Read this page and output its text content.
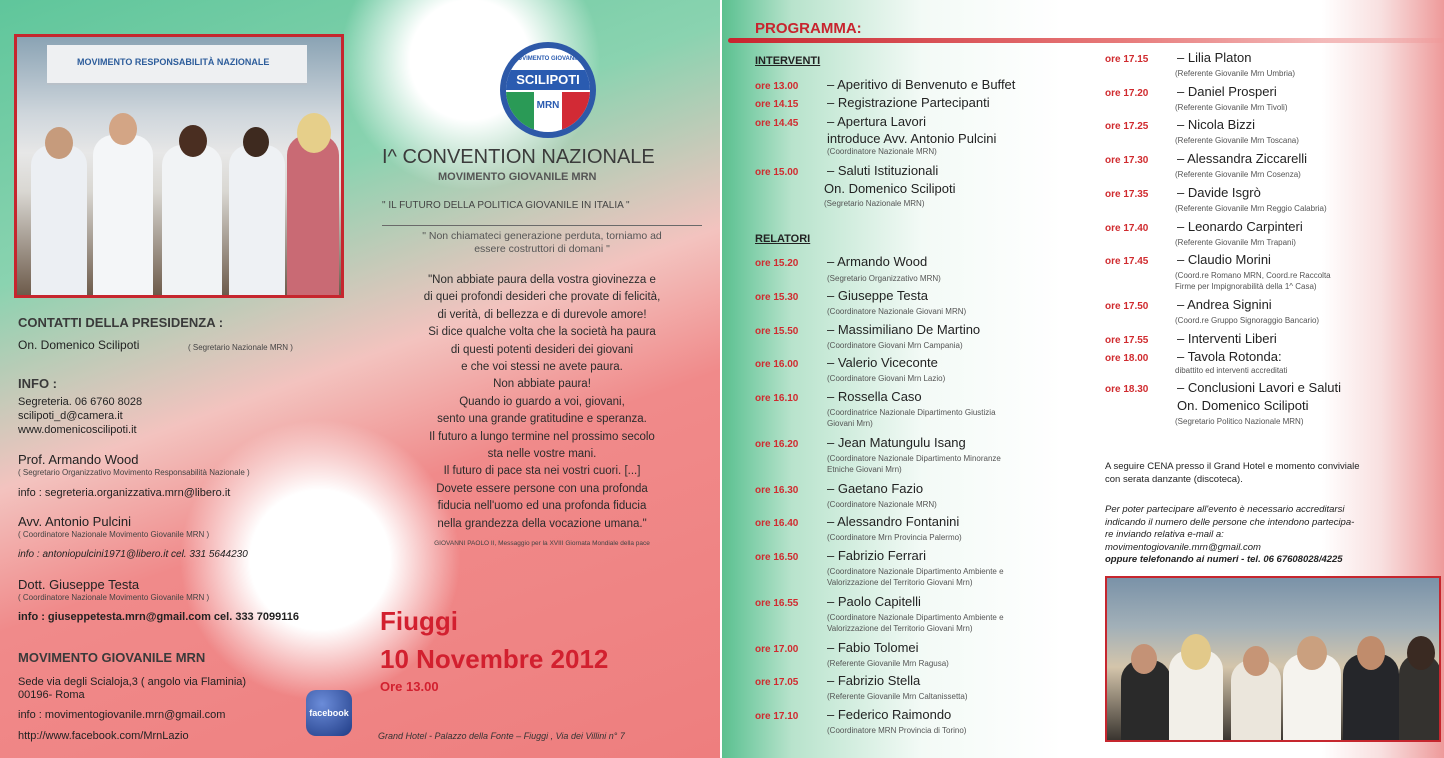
MOVIMENTO RESPONSABILITÀ NAZIONALE
CONTATTI DELLA PRESIDENZA :
On. Domenico Scilipoti	( Segretario Nazionale MRN )
INFO :
Segreteria. 06 6760 8028
scilipoti_d@camera.it
www.domenicoscilipoti.it
Prof. Armando Wood
( Segretario Organizzativo Movimento Responsabilità Nazionale )
info : segreteria.organizzativa.mrn@libero.it
Avv. Antonio Pulcini
( Coordinatore Nazionale Movimento Giovanile MRN )
info : antoniopulcini1971@libero.it cel. 331 5644230
Dott. Giuseppe Testa
( Coordinatore Nazionale Movimento Giovanile MRN )
info : giuseppetesta.mrn@gmail.com cel. 333 7099116
MOVIMENTO GIOVANILE MRN
Sede via degli Scialoja,3 ( angolo via Flaminia)
00196- Roma
info : movimentogiovanile.mrn@gmail.com
http://www.facebook.com/MrnLazio
facebook
MOVIMENTO GIOVANILE
SCILIPOTI
MRN
I^ CONVENTION NAZIONALE
MOVIMENTO GIOVANILE MRN
" IL FUTURO DELLA POLITICA GIOVANILE IN ITALIA "
" Non chiamateci generazione perduta, torniamo ad
essere costruttori di domani "
"Non abbiate paura della vostra giovinezza e
di quei profondi desideri che provate di felicità,
di verità, di bellezza e di durevole amore!
Si dice qualche volta che la società ha paura
di questi potenti desideri dei giovani
e che voi stessi ne avete paura.
Non abbiate paura!
Quando io guardo a voi, giovani,
sento una grande gratitudine e speranza.
Il futuro a lungo termine nel prossimo secolo
sta nelle vostre mani.
Il futuro di pace sta nei vostri cuori. [...]
Dovete essere persone con una profonda
fiducia nell'uomo ed una profonda fiducia
nella grandezza della vocazione umana."
GIOVANNI PAOLO II, Messaggio per la XVIII Giornata Mondiale della pace
Fiuggi
10 Novembre 2012
Ore 13.00
Grand Hotel - Palazzo della Fonte – Fiuggi , Via dei Villini n° 7
PROGRAMMA:
INTERVENTI
ore 13.00 – Aperitivo di Benvenuto e Buffet
ore 14.15 – Registrazione Partecipanti
ore 14.45 – Apertura Lavori
introduce Avv. Antonio Pulcini
(Coordinatore Nazionale MRN)
ore 15.00 – Saluti Istituzionali
On. Domenico Scilipoti
(Segretario Nazionale MRN)
RELATORI
ore 15.20 – Armando Wood
(Segretario Organizzativo MRN)
ore 15.30 – Giuseppe Testa
(Coordinatore Nazionale Giovani MRN)
ore 15.50 – Massimiliano De Martino
(Coordinatore Giovani Mrn Campania)
ore 16.00 – Valerio Viceconte
(Coordinatore Giovani Mrn Lazio)
ore 16.10 – Rossella Caso
(Coordinatrice Nazionale Dipartimento Giustizia
Giovani Mrn)
ore 16.20 – Jean Matungulu Isang
(Coordinatore Nazionale Dipartimento Minoranze
Etniche Giovani Mrn)
ore 16.30 – Gaetano Fazio
(Coordinatore Nazionale MRN)
ore 16.40 – Alessandro Fontanini
(Coordinatore Mrn Provincia Palermo)
ore 16.50 – Fabrizio Ferrari
(Coordinatore Nazionale Dipartimento Ambiente e
Valorizzazione del Territorio Giovani Mrn)
ore 16.55 – Paolo Capitelli
(Coordinatore Nazionale Dipartimento Ambiente e
Valorizzazione del Territorio Giovani Mrn)
ore 17.00 – Fabio Tolomei
(Referente Giovanile Mrn Ragusa)
ore 17.05 – Fabrizio Stella
(Referente Giovanile Mrn Caltanissetta)
ore 17.10 – Federico Raimondo
(Coordinatore MRN Provincia di Torino)
ore 17.15 – Lilia Platon
(Referente Giovanile Mrn Umbria)
ore 17.20 – Daniel Prosperi
(Referente Giovanile Mrn Tivoli)
ore 17.25 – Nicola Bizzi
(Referente Giovanile Mrn Toscana)
ore 17.30 – Alessandra Ziccarelli
(Referente Giovanile Mrn Cosenza)
ore 17.35 – Davide Isgrò
(Referente Giovanile Mrn Reggio Calabria)
ore 17.40 – Leonardo Carpinteri
(Referente Giovanile Mrn Trapani)
ore 17.45 – Claudio Morini
(Coord.re Romano MRN, Coord.re Raccolta
Firme per Impignorabilità della 1^ Casa)
ore 17.50 – Andrea Signini
(Coord.re Gruppo Signoraggio Bancario)
ore 17.55 – Interventi Liberi
ore 18.00 – Tavola Rotonda:
dibattito ed interventi accreditati
ore 18.30 – Conclusioni Lavori e Saluti
On. Domenico Scilipoti
(Segretario Politico Nazionale MRN)
A seguire CENA presso il Grand Hotel e momento conviviale
con serata danzante (discoteca).
Per poter partecipare all'evento è necessario accreditarsi
indicando il numero delle persone che intendono partecipa-
re inviando relativa e-mail a:
movimentogiovanile.mrn@gmail.com
oppure telefonando ai numeri - tel. 06 67608028/4225
